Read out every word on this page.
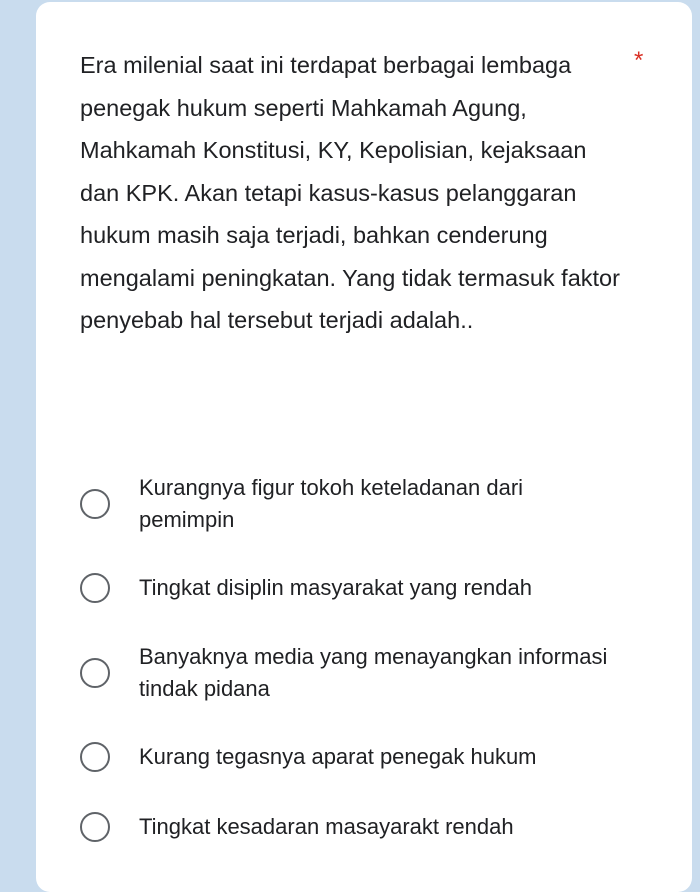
Era milenial saat ini terdapat berbagai lembaga penegak hukum seperti Mahkamah Agung, Mahkamah Konstitusi, KY, Kepolisian, kejaksaan dan KPK. Akan tetapi kasus-kasus pelanggaran hukum masih saja terjadi, bahkan cenderung mengalami peningkatan. Yang tidak termasuk faktor penyebab hal tersebut terjadi adalah..

*
Kurangnya figur tokoh keteladanan dari pemimpin
Tingkat disiplin masyarakat yang rendah
Banyaknya media yang menayangkan informasi tindak pidana
Kurang tegasnya aparat penegak hukum
Tingkat kesadaran masayarakt rendah
